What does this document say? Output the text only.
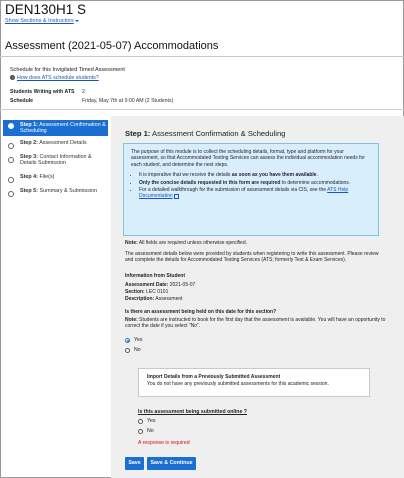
DEN130H1 S
Show Sections & Instructors
Assessment (2021-05-07) Accommodations
Schedule for this Invigilated Timed Assessment
? How does ATS schedule students?
Students Writing with ATS 2
Schedule	Friday, May 7th at 9:00 AM (2 Students)
Step 1: Assessment Confirmation & Scheduling
Step 2: Assessment Details
Step 3: Contact Information & Details Submission
Step 4: File(s)
Step 5: Summary & Submission
Step 1: Assessment Confirmation & Scheduling
The purpose of this module is to collect the scheduling details, format, type and platform for your assessment, so that Accommodated Testing Services can assess the individual accommodation needs for each student, and determine the next steps.
• It is imperative that we receive the details as soon as you have them available.
• Only the concise details requested in this form are required to determine accommodations.
• For a detailed walkthrough for the submission of assessment details via CIS, see the ATS Help Documentation
Note: All fields are required unless otherwise specified.
The assessment details below were provided by students when registering to write this assessment. Please review and complete the details for Accommodated Testing Services (ATS; formerly Test & Exam Services).
Information from Student
Assessment Date: 2021-05-07
Section: LEC 0101
Description: Assessment
Is there an assessment being held on this date for this section?
Note: Students are instructed to book for the first day that the assessment is available. You will have an opportunity to correct the date if you select "No".
Yes
No
Import Details from a Previously Submitted Assessment
You do not have any previously submitted assessments for this academic session.
Is this assessment being submitted online ?
Yes
No
A response is required
Save	Save & Continue
